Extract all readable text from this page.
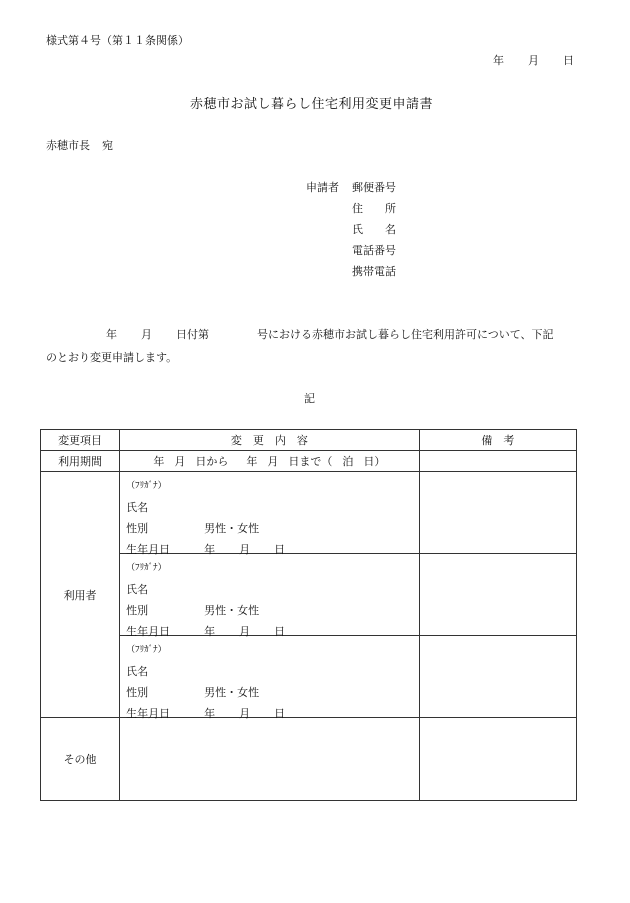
様式第４号（第１１条関係）
年 月 日
赤穂市お試し暮らし住宅利用変更申請書
赤穂市長 宛
申請者 郵便番号
住　　所
氏　　名
電話番号
携帯電話
年 月 日付第	号における赤穂市お試し暮らし住宅利用許可について、下記
のとおり変更申請します。
記
変更項目	変　更　内　容	備　考
利用期間	年 月 日から 年 月 日まで（ 泊 日）	
利用者	（ﾌﾘｶﾞﾅ）
氏名
性別 男性・女性
生年月日 年 月 日	

	（ﾌﾘｶﾞﾅ）
氏名
性別 男性・女性
生年月日 年 月 日	

	（ﾌﾘｶﾞﾅ）
氏名
性別 男性・女性
生年月日 年 月 日	

その他		
